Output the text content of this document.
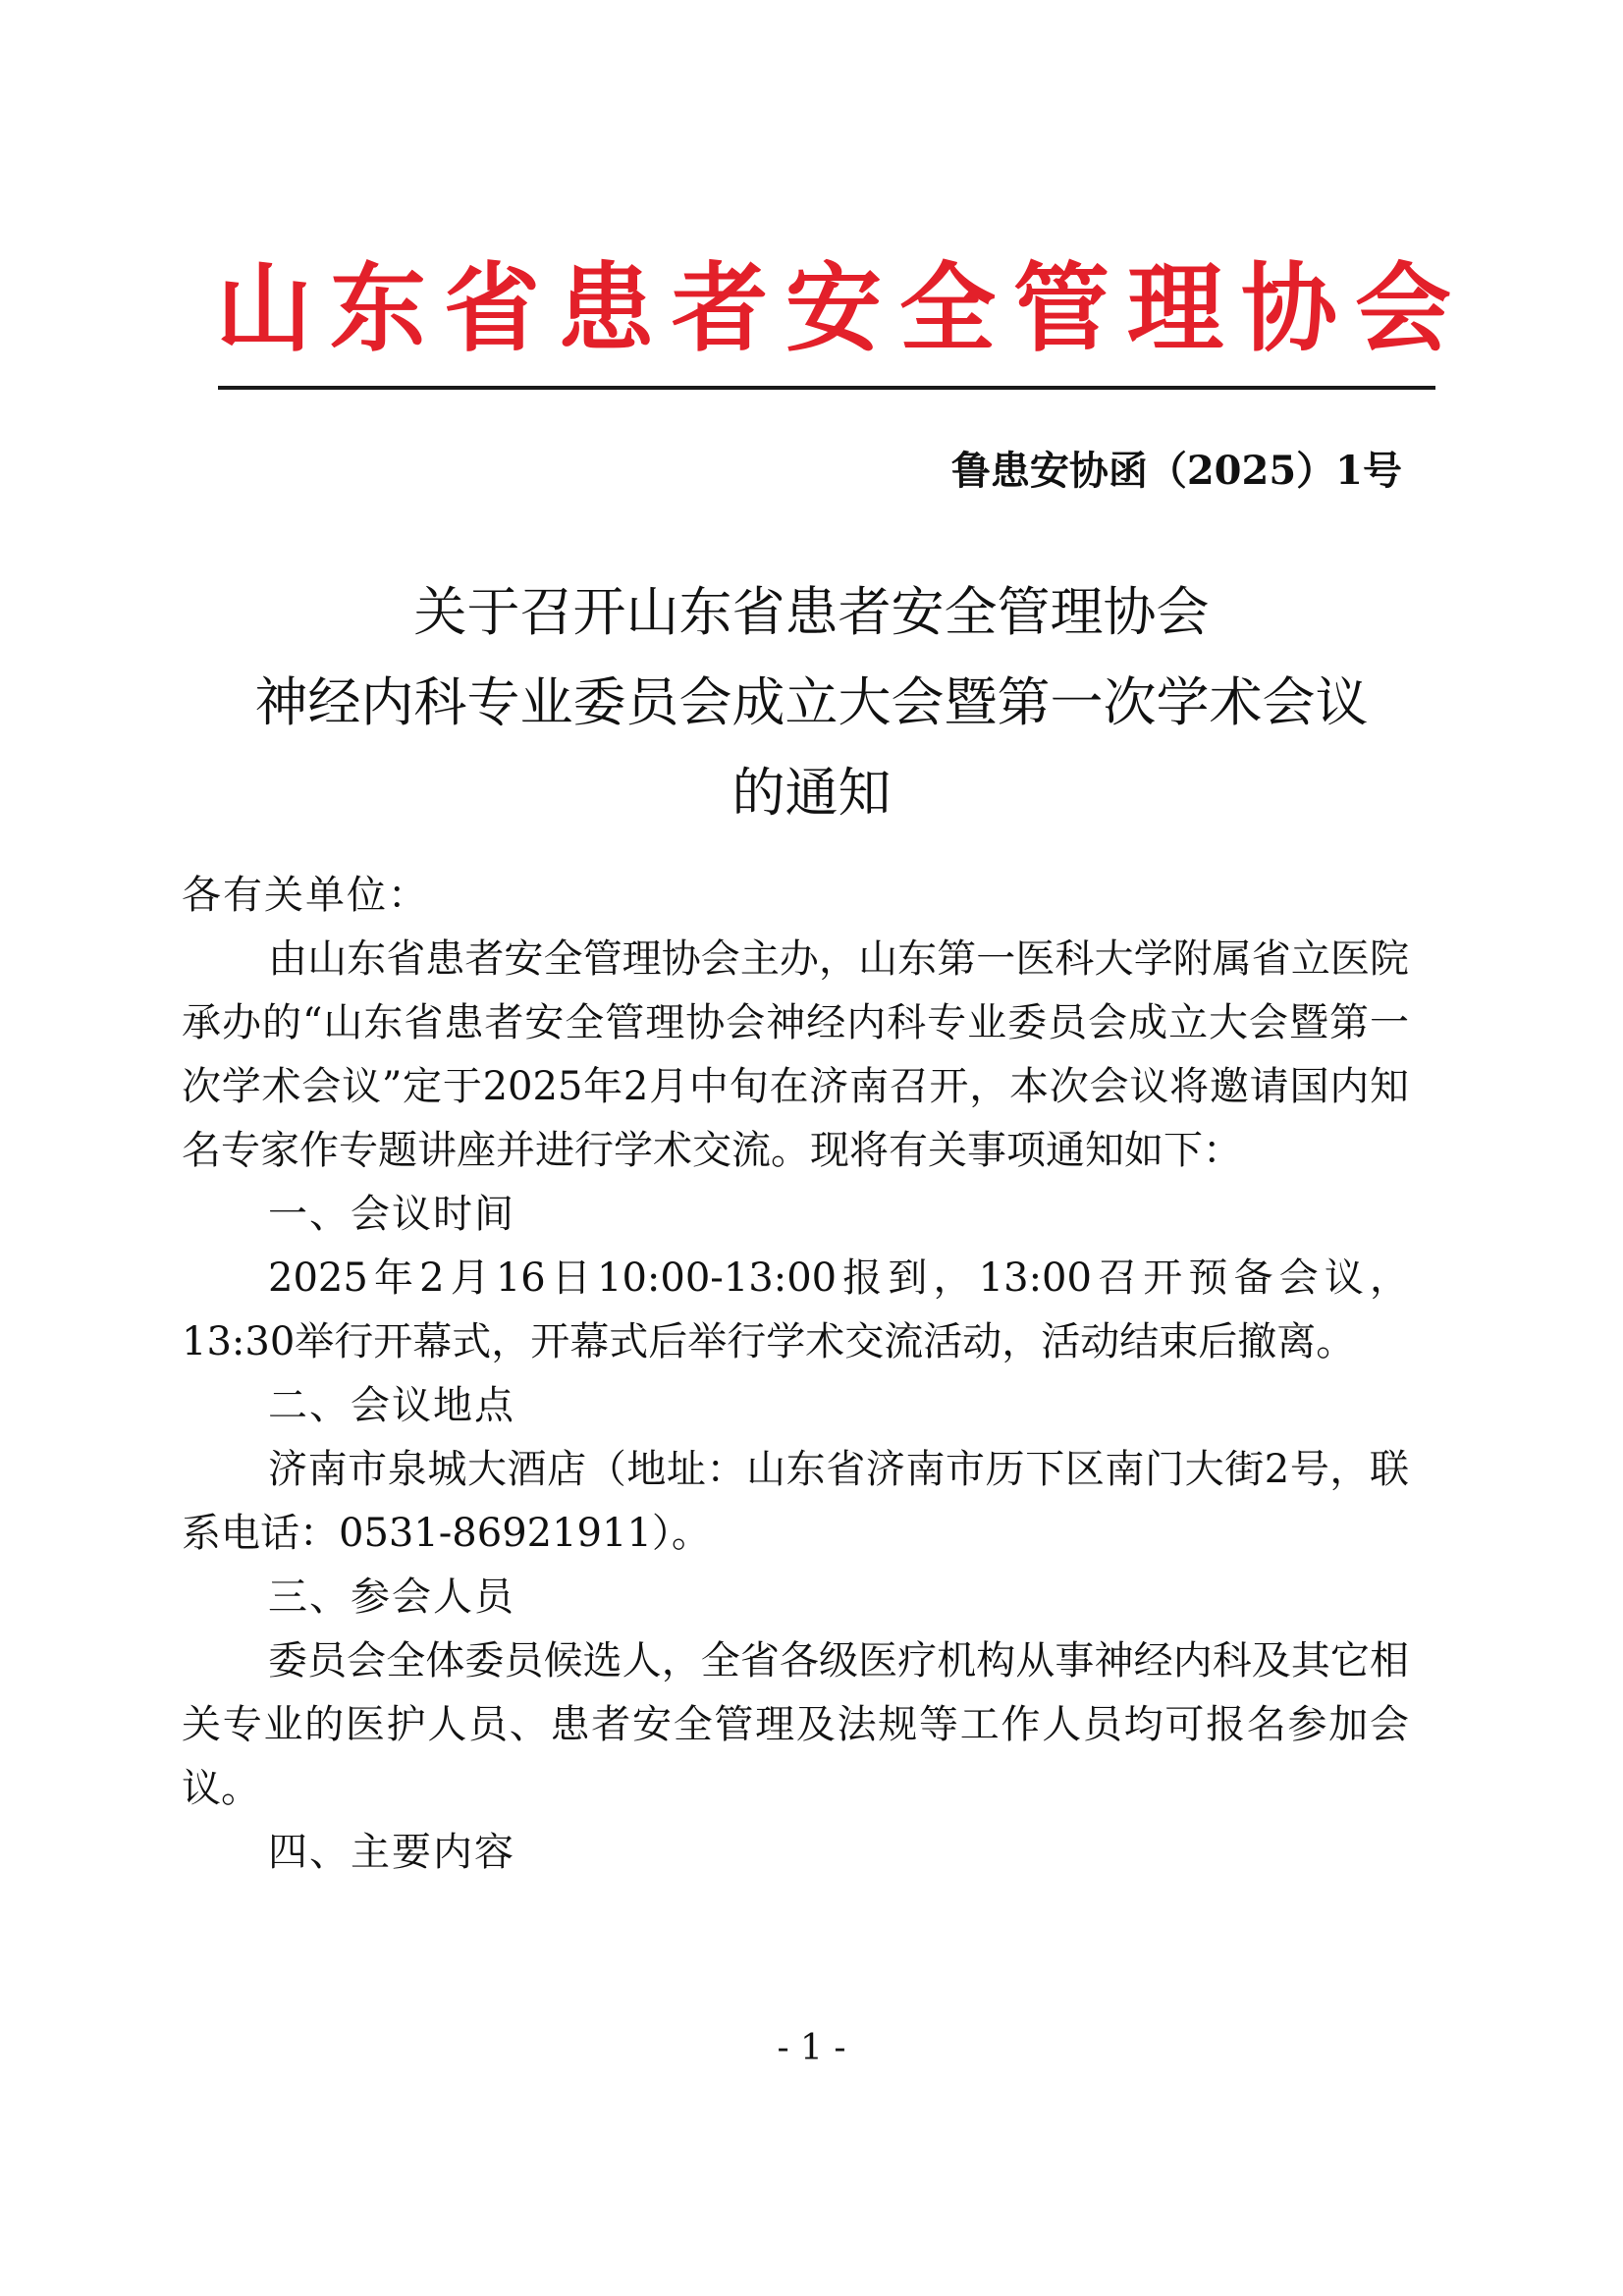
山东省患者安全管理协会
鲁患安协函（2025）1号
关于召开山东省患者安全管理协会
神经内科专业委员会成立大会暨第一次学术会议
的通知

各有关单位：

由山东省患者安全管理协会主办，山东第一医科大学附属省立医院承办的“山东省患者安全管理协会神经内科专业委员会成立大会暨第一次学术会议”定于2025年2月中旬在济南召开，本次会议将邀请国内知名专家作专题讲座并进行学术交流。现将有关事项通知如下：

一、会议时间

2025年2月16日10:00-13:00报到，13:00召开预备会议，13:30举行开幕式，开幕式后举行学术交流活动，活动结束后撤离。

二、会议地点

济南市泉城大酒店（地址：山东省济南市历下区南门大街2号，联系电话：0531-86921911）。

三、参会人员

委员会全体委员候选人，全省各级医疗机构从事神经内科及其它相关专业的医护人员、患者安全管理及法规等工作人员均可报名参加会议。

四、主要内容

- 1 -
